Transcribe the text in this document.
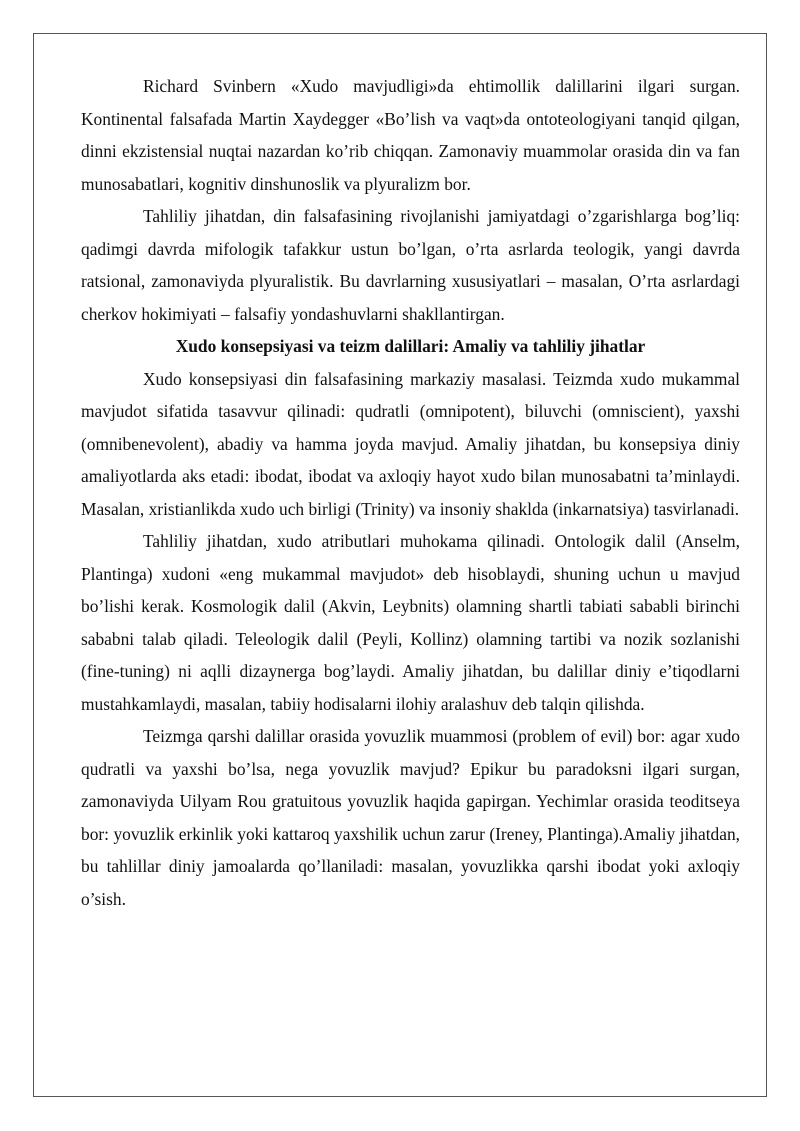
Richard Svinbern «Xudo mavjudligi»da ehtimollik dalillarini ilgari surgan. Kontinental falsafada Martin Xaydegger «Bo’lish va vaqt»da ontoteologiyani tanqid qilgan, dinni ekzistensial nuqtai nazardan ko’rib chiqqan. Zamonaviy muammolar orasida din va fan munosabatlari, kognitiv dinshunoslik va plyuralizm bor.

Tahliliy jihatdan, din falsafasining rivojlanishi jamiyatdagi o’zgarishlarga bog’liq: qadimgi davrda mifologik tafakkur ustun bo’lgan, o’rta asrlarda teologik, yangi davrda ratsional, zamonaviyda plyuralistik. Bu davrlarning xususiyatlari – masalan, O’rta asrlardagi cherkov hokimiyati – falsafiy yondashuvlarni shakllantirgan.

Xudo konsepsiyasi va teizm dalillari: Amaliy va tahliliy jihatlar

Xudo konsepsiyasi din falsafasining markaziy masalasi. Teizmda xudo mukammal mavjudot sifatida tasavvur qilinadi: qudratli (omnipotent), biluvchi (omniscient), yaxshi (omnibenevolent), abadiy va hamma joyda mavjud. Amaliy jihatdan, bu konsepsiya diniy amaliyotlarda aks etadi: ibodat, ibodat va axloqiy hayot xudo bilan munosabatni ta’minlaydi. Masalan, xristianlikda xudo uch birligi (Trinity) va insoniy shaklda (inkarnatsiya) tasvirlanadi.

Tahliliy jihatdan, xudo atributlari muhokama qilinadi. Ontologik dalil (Anselm, Plantinga) xudoni «eng mukammal mavjudot» deb hisoblaydi, shuning uchun u mavjud bo’lishi kerak. Kosmologik dalil (Akvin, Leybnits) olamning shartli tabiati sababli birinchi sababni talab qiladi. Teleologik dalil (Peyli, Kollinz) olamning tartibi va nozik sozlanishi (fine-tuning) ni aqlli dizaynerga bog’laydi. Amaliy jihatdan, bu dalillar diniy e’tiqodlarni mustahkamlaydi, masalan, tabiiy hodisalarni ilohiy aralashuv deb talqin qilishda.

Teizmga qarshi dalillar orasida yovuzlik muammosi (problem of evil) bor: agar xudo qudratli va yaxshi bo’lsa, nega yovuzlik mavjud? Epikur bu paradoksni ilgari surgan, zamonaviyda Uilyam Rou gratuitous yovuzlik haqida gapirgan. Yechimlar orasida teoditseya bor: yovuzlik erkinlik yoki kattaroq yaxshilik uchun zarur (Ireney, Plantinga).Amaliy jihatdan, bu tahlillar diniy jamoalarda qo’llaniladi: masalan, yovuzlikka qarshi ibodat yoki axloqiy o’sish.
